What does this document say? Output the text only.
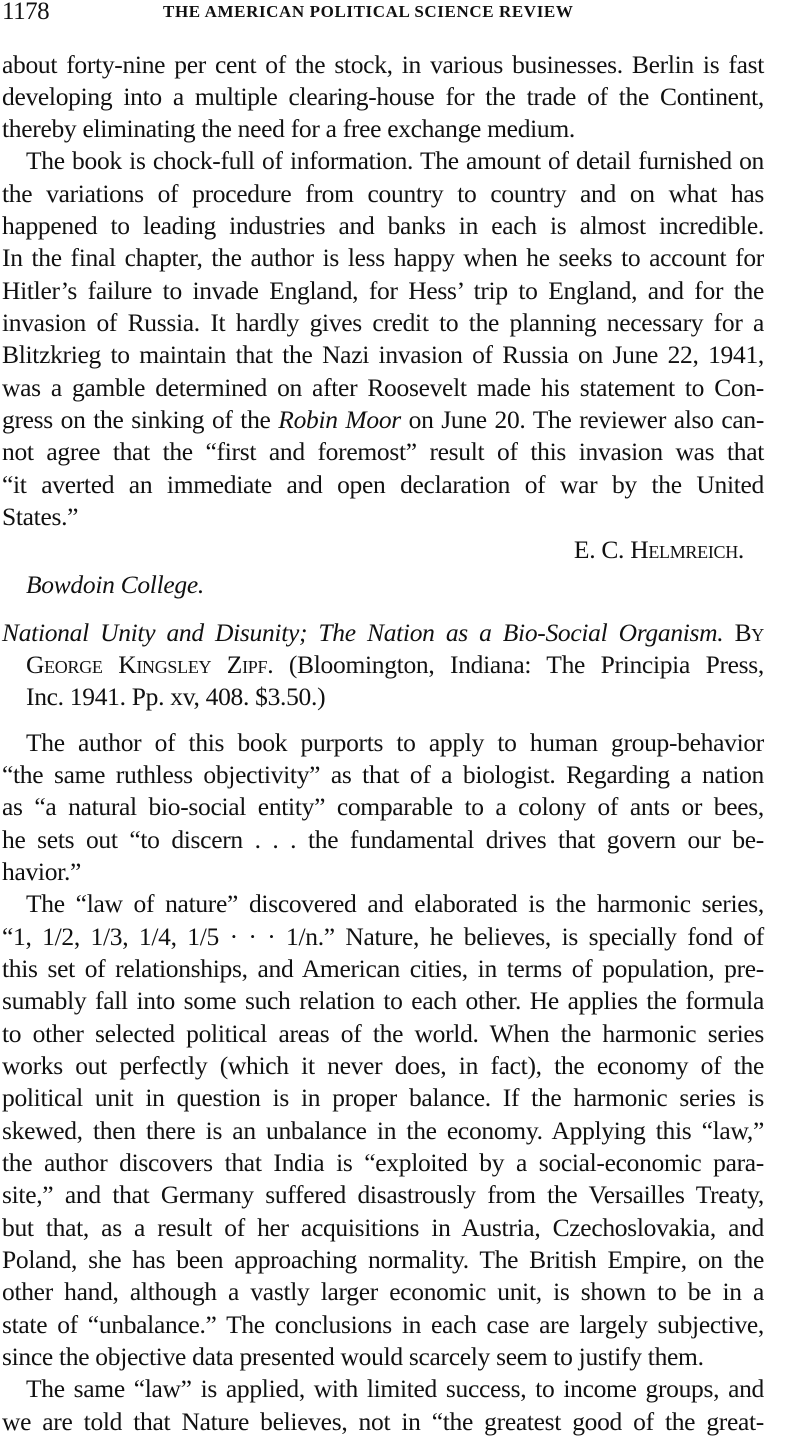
1178	THE AMERICAN POLITICAL SCIENCE REVIEW
about forty-nine per cent of the stock, in various businesses. Berlin is fast
developing into a multiple clearing-house for the trade of the Continent,
thereby eliminating the need for a free exchange medium.
The book is chock-full of information. The amount of detail furnished on
the variations of procedure from country to country and on what has
happened to leading industries and banks in each is almost incredible.
In the final chapter, the author is less happy when he seeks to account for
Hitler’s failure to invade England, for Hess’ trip to England, and for the
invasion of Russia. It hardly gives credit to the planning necessary for a
Blitzkrieg to maintain that the Nazi invasion of Russia on June 22, 1941,
was a gamble determined on after Roosevelt made his statement to Con-
gress on the sinking of the Robin Moor on June 20. The reviewer also can-
not agree that the “first and foremost” result of this invasion was that
“it averted an immediate and open declaration of war by the United
States.”
E. C. Helmreich.
Bowdoin College.
National Unity and Disunity; The Nation as a Bio-Social Organism. By
George Kingsley Zipf. (Bloomington, Indiana: The Principia Press,
Inc. 1941. Pp. xv, 408. $3.50.)
The author of this book purports to apply to human group-behavior
“the same ruthless objectivity” as that of a biologist. Regarding a nation
as “a natural bio-social entity” comparable to a colony of ants or bees,
he sets out “to discern . . . the fundamental drives that govern our be-
havior.”
The “law of nature” discovered and elaborated is the harmonic series,
“1, 1/2, 1/3, 1/4, 1/5 · · · 1/n.” Nature, he believes, is specially fond of
this set of relationships, and American cities, in terms of population, pre-
sumably fall into some such relation to each other. He applies the formula
to other selected political areas of the world. When the harmonic series
works out perfectly (which it never does, in fact), the economy of the
political unit in question is in proper balance. If the harmonic series is
skewed, then there is an unbalance in the economy. Applying this “law,”
the author discovers that India is “exploited by a social-economic para-
site,” and that Germany suffered disastrously from the Versailles Treaty,
but that, as a result of her acquisitions in Austria, Czechoslovakia, and
Poland, she has been approaching normality. The British Empire, on the
other hand, although a vastly larger economic unit, is shown to be in a
state of “unbalance.” The conclusions in each case are largely subjective,
since the objective data presented would scarcely seem to justify them.
The same “law” is applied, with limited success, to income groups, and
we are told that Nature believes, not in “the greatest good of the great-
